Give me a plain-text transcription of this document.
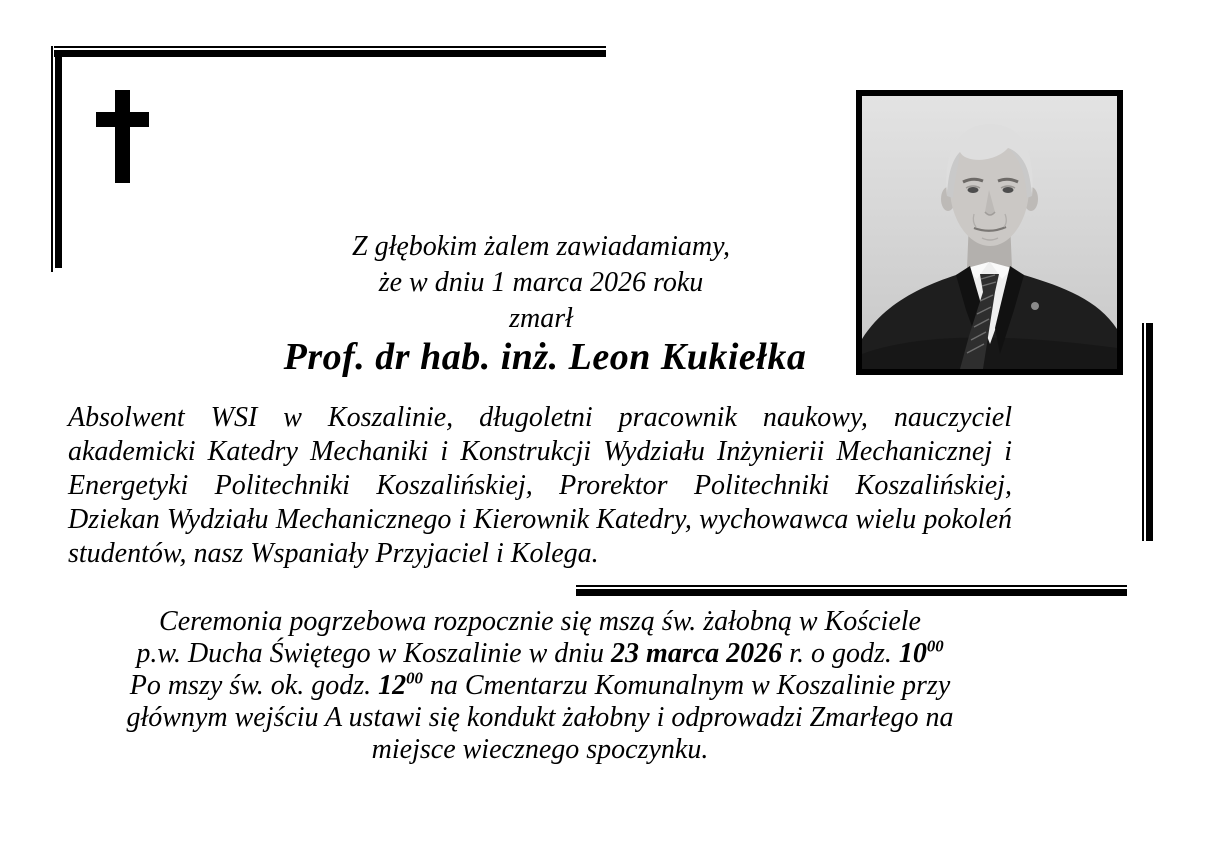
Z głębokim żalem zawiadamiamy,
że w dniu 1 marca 2026 roku
zmarł
Prof. dr hab. inż. Leon Kukiełka
Absolwent WSI w Koszalinie, długoletni pracownik naukowy, nauczyciel akademicki Katedry Mechaniki i Konstrukcji Wydziału Inżynierii Mechanicznej i Energetyki Politechniki Koszalińskiej, Prorektor Politechniki Koszalińskiej, Dziekan Wydziału Mechanicznego i Kierownik Katedry, wychowawca wielu pokoleń studentów, nasz Wspaniały Przyjaciel i Kolega.
Ceremonia pogrzebowa rozpocznie się mszą św. żałobną w Kościele
p.w. Ducha Świętego w Koszalinie w dniu 23 marca 2026 r. o godz. $10^{00}$
Po mszy św. ok. godz. $12^{00}$ na Cmentarzu Komunalnym w Koszalinie przy
głównym wejściu A ustawi się kondukt żałobny i odprowadzi Zmarłego na
miejsce wiecznego spoczynku.
